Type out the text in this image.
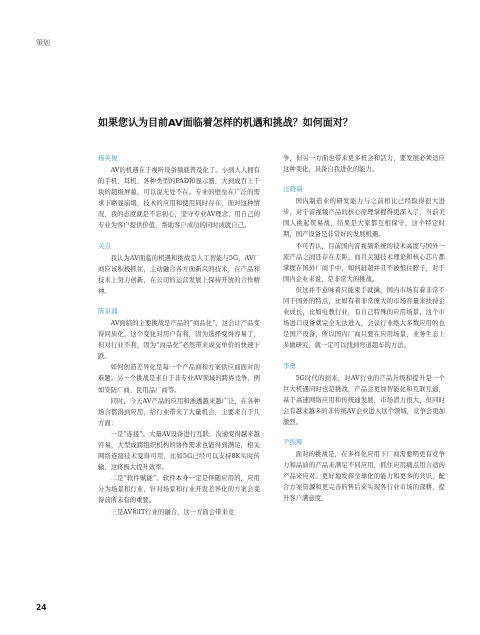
策划
如果您认为目前AV面临着怎样的机遇和挑战？如何面对？
杨英俊

AV的机遇在于视听设备频底普及化了。小到人人拥有的手机、耳机、各种类型的PAD和显示器，大到成百上千块的超级屏幕，可以说无处不在。专业的壁垒在广泛的需求下略显崩塌，技术的应用和使用同时存在，面对这种情况，我的态度就是不忘初心，坚守专业AV理念，用自己的专业为客户提供价值，帮助客户成功的同时成就自己。

关点

我认为AV面临的机遇和挑战是人工智能与5G，AV厂商应该积极抓住，主动融合各方面新兴的技术，在产品和技术上努力创新，在公司的运营发展上保持开放的合作精神。

陈泉涌

AV面临的主要挑战是产品的“商品化”，这会让产品变得同质化，这个变化对用户有利，因为选择变得容易了，但对行业不利，因为“商品化”必然带来成交单价的快速下跌。

如何创造差异化是每一个产品商和方案供应商面对的难题。另一个挑战是来自于非专业AV领域的跨界竞争，例如安防厂商、民用品厂商等。

同时，今天AV产品的应用和渗透越来越广泛，在各种场合都得到应用，给行业带来了大量机会，主要来自于几方面：

一是“连接”。大量AV设备进行互联，沟通变得越来越容易，大型成跨组织机构的协作需求也能得到满足，相关网络连接技术变得可用，比如5G已经可以支持8K实时传输，这将极大提升效率。

二是“软件赋能”。软件本身一定是伴随应用的，应用分为场景和行业，针对场景和行业开发差异化的方案会变得前所未有的重要。

三是AV和IT行业的融合，这一方面会带来竞

争，但另一方面也带来更多机会和活力，要发展必须适应这种变化，具备自我进化的能力。

汪晓瑞

国内制造业的研发能力与之前相比已经取得很大进步，对于音视频产品的核心原理掌握得更深入了，当前美国人挑起贸易战，结果是大家都互相保守，这个特定时期，国产设备是非常好的发展机遇。

不可否认，目前国内音视频系统的技术高度与国外一流产品之间还存在差距，而且关键技术理论和核心芯片都掌握在国外厂商手中，如何赶超并且不被恨住脖子，对于国内企业来说，是非常大的挑战。

但这并不意味着只能束手就擒，国内市场有着非常不同于国外的特点，比如有着非常庞大的市场容量来扶持企业成长，比如电教行业，有自己特殊的应用场景，这个市场进口设备就完全无法进入，会议行业绝大多数应用的也是国产设备，所以国内厂商只要在应用场景、业务生态上多做研究，就一定可以找到弯道超车的方法。

李勇

5G时代的到来，对AV行业的产品升级和提升是一个巨大机遇同时也是挑战，产品会更加智能化和互联互通，基于高速网络应用和传统通发展，市场潜力很大，但同时会有越来越多的非传统AV企业进入这个领域，竞争会更加激烈。

尹振辉

面对的挑战是，在多样化应用下厂商需要明更有竞争力和品质的产品来满足不同应用，抓住应用痛点用合适的产品来应对。更好地发挥全球化的能力和更多的共识，配合方案资源和更完善的售后来实现各行业市场的深耕，提升客户满意度。

24
